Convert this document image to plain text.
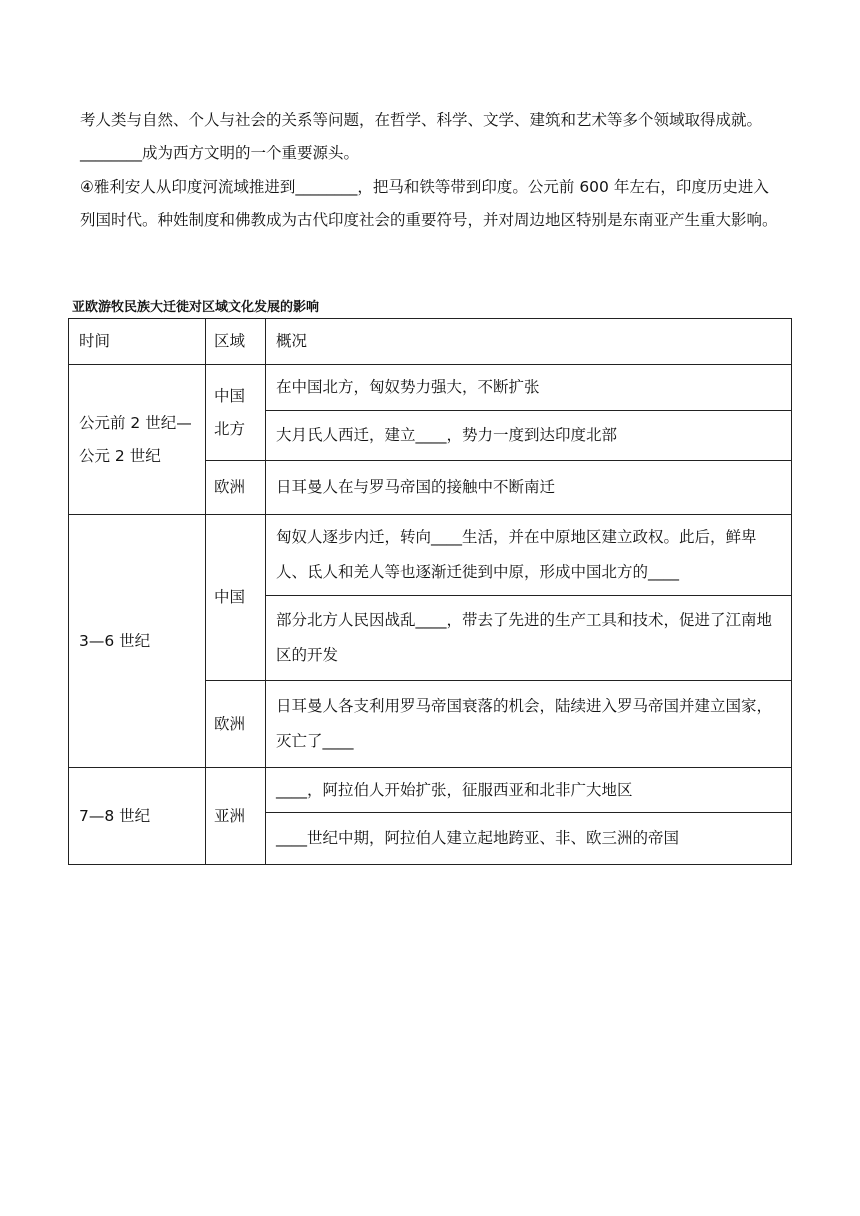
考人类与自然、个人与社会的关系等问题，在哲学、科学、文学、建筑和艺术等多个领域取得成就。________成为西方文明的一个重要源头。

④雅利安人从印度河流域推进到________，把马和铁等带到印度。公元前 600 年左右，印度历史进入列国时代。种姓制度和佛教成为古代印度社会的重要符号，并对周边地区特别是东南亚产生重大影响。

亚欧游牧民族大迁徙对区域文化发展的影响
时间	区域	概况
公元前 2 世纪—公元 2 世纪	中国北方	在中国北方，匈奴势力强大，不断扩张
		大月氏人西迁，建立____，势力一度到达印度北部
	欧洲	日耳曼人在与罗马帝国的接触中不断南迁
3—6 世纪	中国	匈奴人逐步内迁，转向____生活，并在中原地区建立政权。此后，鲜卑人、氐人和羌人等也逐渐迁徙到中原，形成中国北方的____
		部分北方人民因战乱____，带去了先进的生产工具和技术，促进了江南地区的开发
	欧洲	日耳曼人各支利用罗马帝国衰落的机会，陆续进入罗马帝国并建立国家，灭亡了____
7—8 世纪	亚洲	____，阿拉伯人开始扩张，征服西亚和北非广大地区
		____世纪中期，阿拉伯人建立起地跨亚、非、欧三洲的帝国
